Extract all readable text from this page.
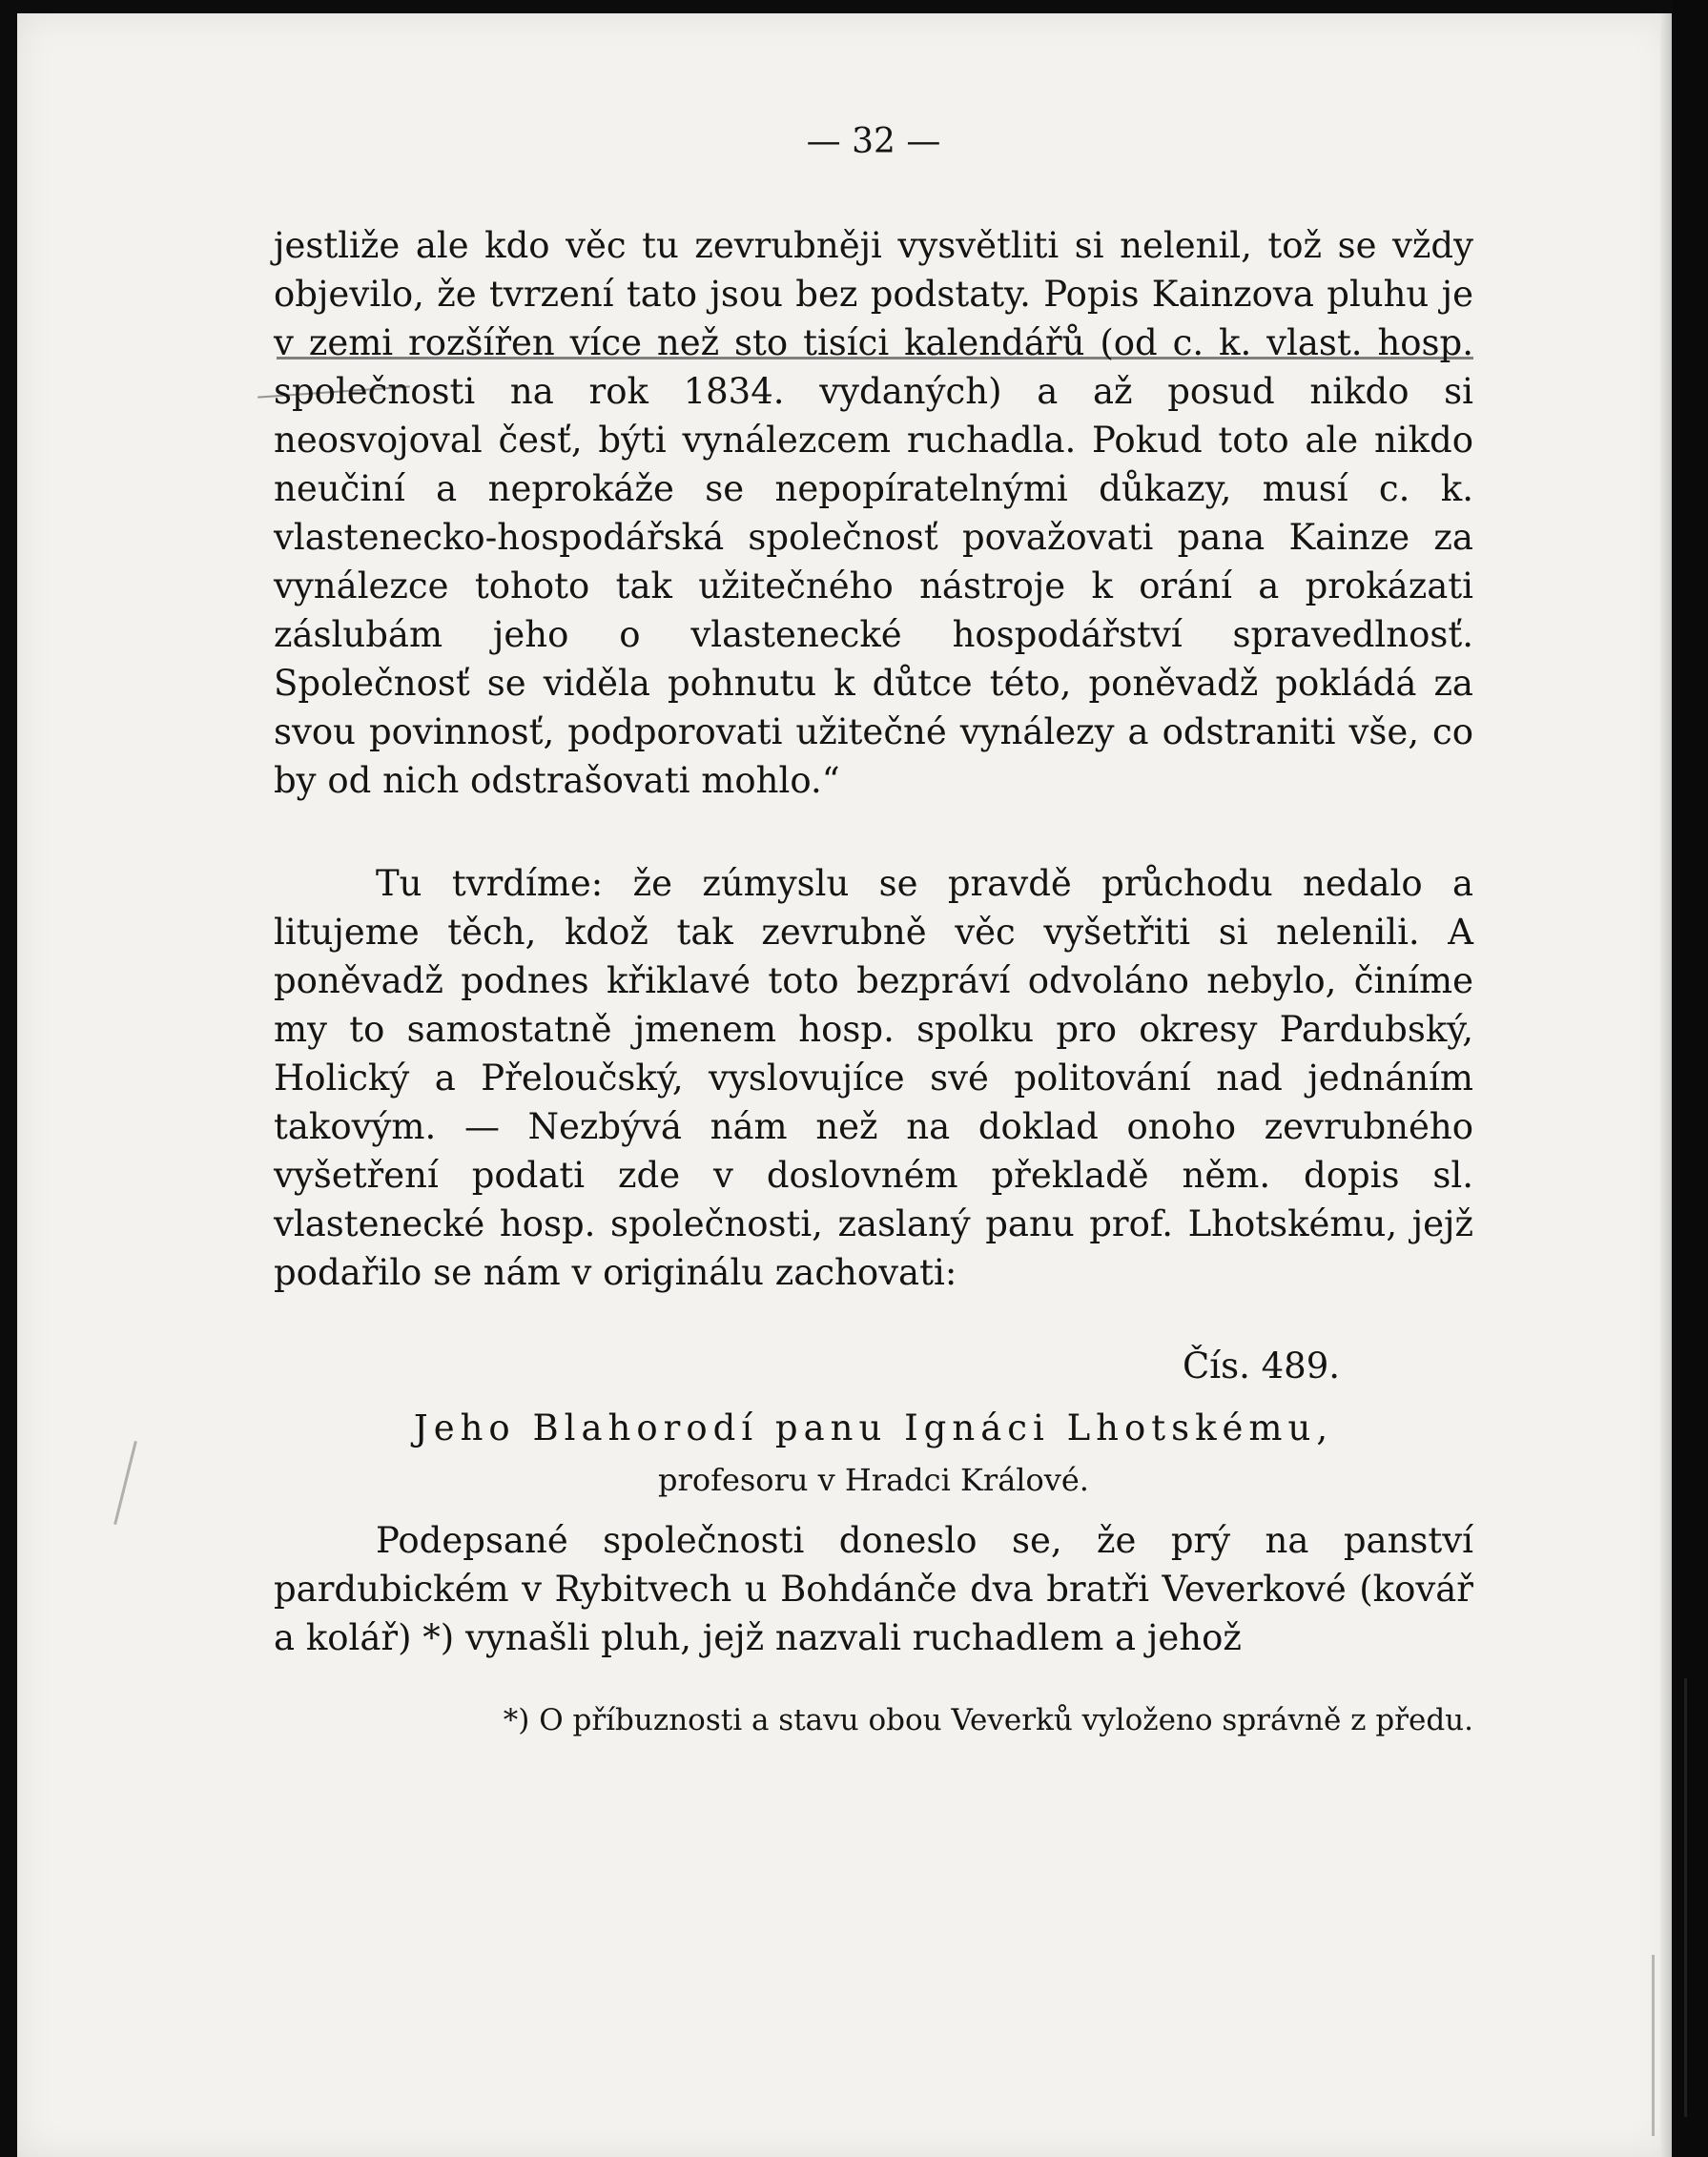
— 32 —
jestliže ale kdo věc tu zevrubněji vysvětliti si nelenil, tož se vždy objevilo, že tvrzení tato jsou bez podstaty. Popis Kainzova pluhu je v zemi rozšířen více než sto tisíci kalendářů (od c. k. vlast. hosp. společnosti na rok 1834. vydaných) a až posud nikdo si neosvojoval česť, býti vynálezcem ruchadla. Pokud toto ale nikdo neučiní a neprokáže se nepopíratelnými důkazy, musí c. k. vlastenecko-hospodářská společnosť považovati pana Kainze za vynálezce tohoto tak užitečného nástroje k orání a prokázati záslubám jeho o vlastenecké hospodářství spravedlnosť. Společnosť se viděla pohnutu k důtce této, poněvadž pokládá za svou povinnosť, podporovati užitečné vynálezy a odstraniti vše, co by od nich odstrašovati mohlo.“
Tu tvrdíme: že zúmyslu se pravdě průchodu nedalo a litujeme těch, kdož tak zevrubně věc vyšetřiti si nelenili. A poněvadž podnes křiklavé toto bezpráví odvoláno nebylo, činíme my to samostatně jmenem hosp. spolku pro okresy Pardubský, Holický a Přeloučský, vyslovujíce své politování nad jednáním takovým. — Nezbývá nám než na doklad onoho zevrubného vyšetření podati zde v doslovném překladě něm. dopis sl. vlastenecké hosp. společnosti, zaslaný panu prof. Lhotskému, jejž podařilo se nám v originálu zachovati:
Čís. 489.
Jeho Blahorodí panu Ignáci Lhotskému,
profesoru v Hradci Králové.
Podepsané společnosti doneslo se, že prý na panství pardubickém v Rybitvech u Bohdánče dva bratři Veverkové (kovář a kolář) *) vynašli pluh, jejž nazvali ruchadlem a jehož
*) O příbuznosti a stavu obou Veverků vyloženo správně z předu.
